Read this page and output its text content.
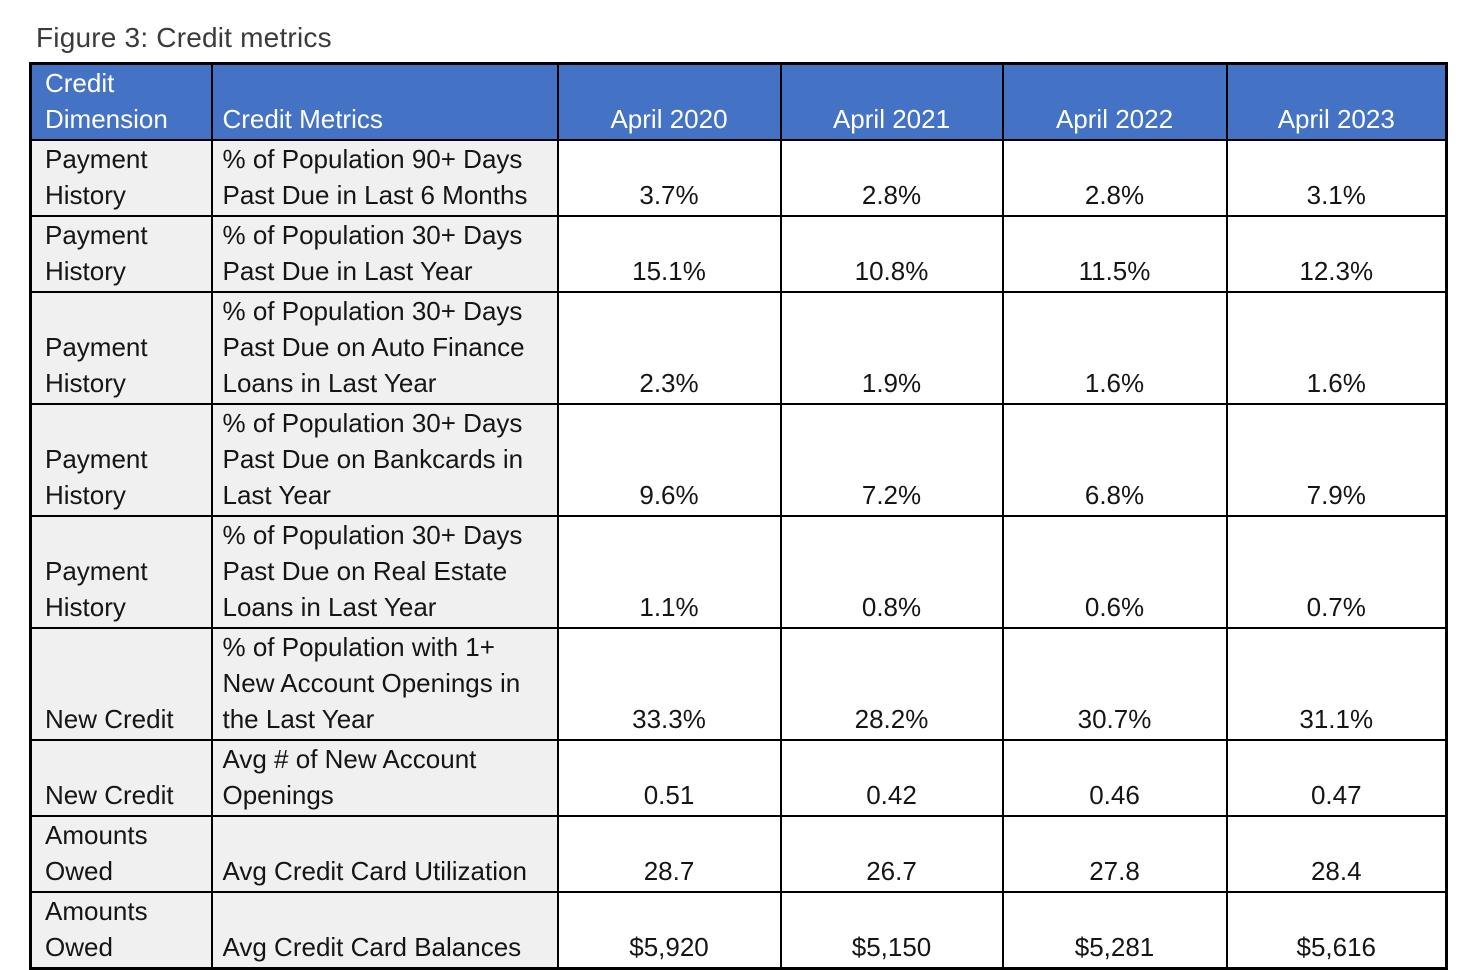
Figure 3: Credit metrics
Credit Dimension	Credit Metrics	April 2020	April 2021	April 2022	April 2023
Payment History	% of Population 90+ Days Past Due in Last 6 Months	3.7%	2.8%	2.8%	3.1%
Payment History	% of Population 30+ Days Past Due in Last Year	15.1%	10.8%	11.5%	12.3%
Payment History	% of Population 30+ Days Past Due on Auto Finance Loans in Last Year	2.3%	1.9%	1.6%	1.6%
Payment History	% of Population 30+ Days Past Due on Bankcards in Last Year	9.6%	7.2%	6.8%	7.9%
Payment History	% of Population 30+ Days Past Due on Real Estate Loans in Last Year	1.1%	0.8%	0.6%	0.7%
New Credit	% of Population with 1+ New Account Openings in the Last Year	33.3%	28.2%	30.7%	31.1%
New Credit	Avg # of New Account Openings	0.51	0.42	0.46	0.47
Amounts Owed	Avg Credit Card Utilization	28.7	26.7	27.8	28.4
Amounts Owed	Avg Credit Card Balances	$5,920	$5,150	$5,281	$5,616
